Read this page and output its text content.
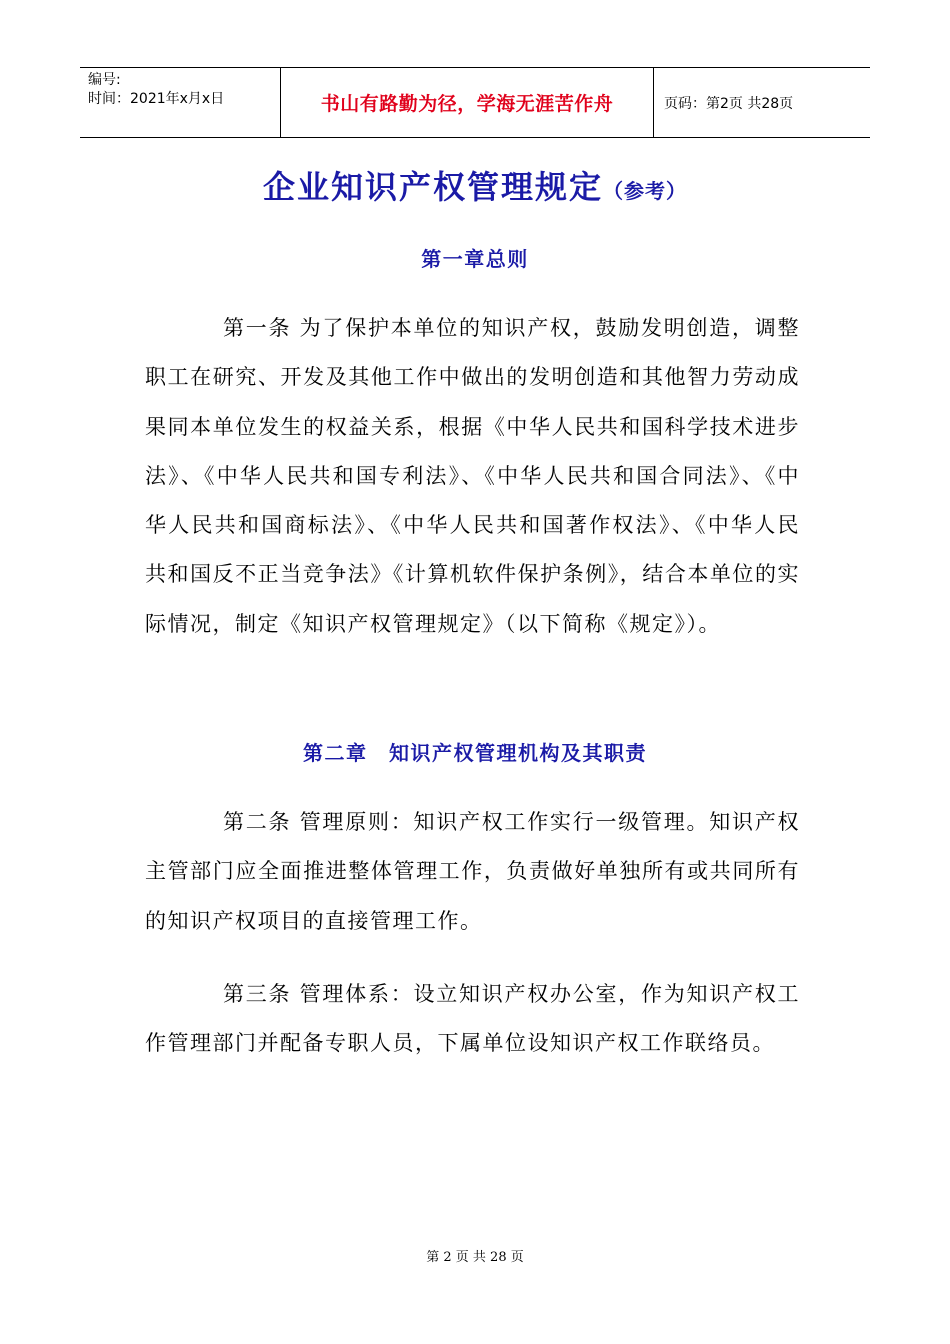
编号:
时间：2021年x月x日	书山有路勤为径，学海无涯苦作舟	页码：第2页 共28页
企业知识产权管理规定（参考）
第一章总则

第一条 为了保护本单位的知识产权，鼓励发明创造，调整职工在研究、开发及其他工作中做出的发明创造和其他智力劳动成果同本单位发生的权益关系，根据《中华人民共和国科学技术进步法》、《中华人民共和国专利法》、《中华人民共和国合同法》、《中华人民共和国商标法》、《中华人民共和国著作权法》、《中华人民共和国反不正当竞争法》《计算机软件保护条例》，结合本单位的实际情况，制定《知识产权管理规定》（以下简称《规定》）。

第二章　知识产权管理机构及其职责

第二条 管理原则：知识产权工作实行一级管理。知识产权主管部门应全面推进整体管理工作，负责做好单独所有或共同所有的知识产权项目的直接管理工作。

第三条 管理体系：设立知识产权办公室，作为知识产权工作管理部门并配备专职人员，下属单位设知识产权工作联络员。

第 2 页 共 28 页
